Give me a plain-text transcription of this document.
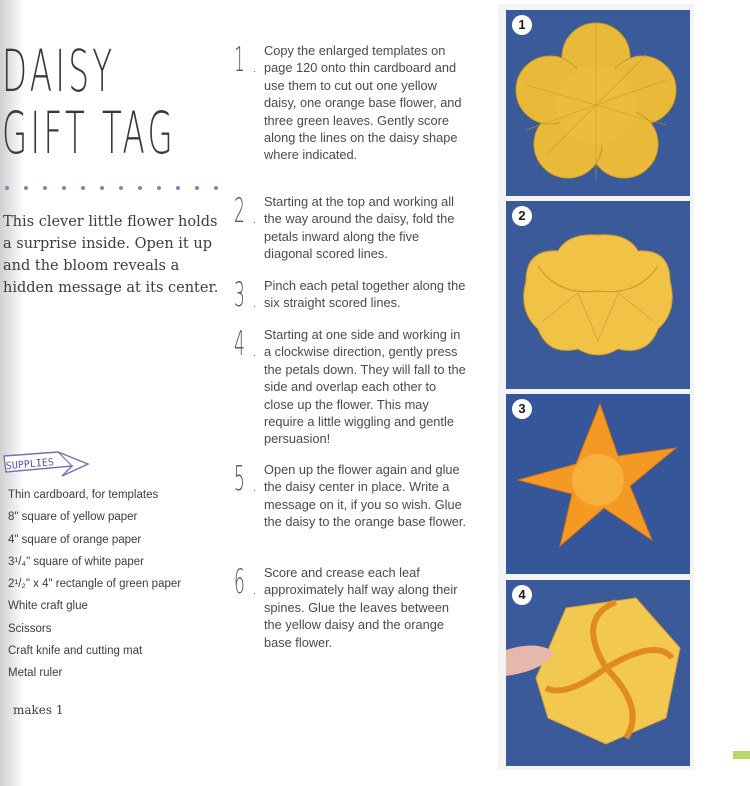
DAISY
GIFT TAG
This clever little flower holds a surprise inside. Open it up and the bloom reveals a hidden message at its center.
SUPPLIES
Thin cardboard, for templates
8" square of yellow paper
4" square of orange paper
3¹/₄" square of white paper
2¹/₂" x 4" rectangle of green paper
White craft glue
Scissors
Craft knife and cutting mat
Metal ruler
makes 1
1 .
Copy the enlarged templates on page 120 onto thin cardboard and use them to cut out one yellow daisy, one orange base flower, and three green leaves. Gently score along the lines on the daisy shape where indicated.
2 .
Starting at the top and working all the way around the daisy, fold the petals inward along the five diagonal scored lines.
3 .
Pinch each petal together along the six straight scored lines.
4 .
Starting at one side and working in a clockwise direction, gently press the petals down. They will fall to the side and overlap each other to close up the flower. This may require a little wiggling and gentle persuasion!
5 .
Open up the flower again and glue the daisy center in place. Write a message on it, if you so wish. Glue the daisy to the orange base flower.
6 .
Score and crease each leaf approximately half way along their spines. Glue the leaves between the yellow daisy and the orange base flower.
1
2
3
4
